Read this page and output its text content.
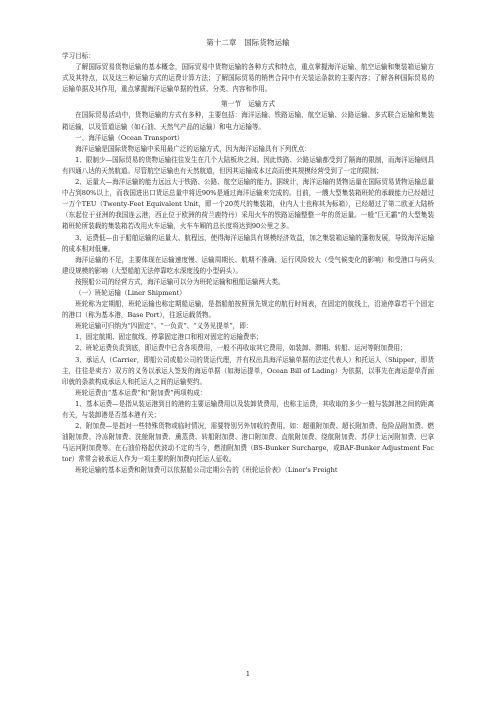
第十二章　国际货物运输

学习目标：

了解国际贸易货物运输的基本概念，国际贸易中货物运输的各种方式和特点，重点掌握海洋运输、航空运输和集装箱运输方式及其特点，以及这三种运输方式的运费计算方法；了解国际贸易的销售合同中有关装运条款的主要内容；了解各种国际贸易的运输单据及其作用，重点掌握海洋运输单据的性质、分类、内容和作用。

第一节　运输方式

在国际贸易活动中，货物运输的方式有多种，主要包括：海洋运输、铁路运输、航空运输、公路运输、多式联合运输和集装箱运输，以及管道运输（如石油、天然气产品的运输）和电力运输等。

一、海洋运输（Ocean Transport）

海洋运输是国际货物运输中采用最广泛的运输方式，因为海洋运输具有下列优点：

1、限制少—国际贸易的货物运输往往发生在几个大陆板块之间。因此铁路、公路运输都受到了隔海的限制，而海洋运输则具有四通八达的天然航道。尽管航空运输也有天然航道，但因其运输成本过高而使其规模经营受到了一定的限制；

2、运量大—海洋运输的能力远远大于铁路、公路、航空运输的能力。据统计，海洋运输的货物运量在国际贸易货物运输总量中占到80%以上，而我国进出口货运总量中将近90%是通过海洋运输来完成的。目前，一艘大型集装箱班轮的承载能力已经超过一万个TEU（Twenty-Feet Equivalent Unit，即一个20英尺的集装箱，业内人士也称其为标箱），已经超过了第二欧亚大陆桥（东起位于亚洲的我国连云港，西止位于欧洲的荷兰鹿特丹）采用火车的铁路运输整整一年的货运量。一般“巨无霸”的大型集装箱班轮所装载的集装箱若改用火车运输，火车车厢的总长度将达到90公里之多。

3、运费低—由于船舶运输的运量大、航程远，使得海洋运输具有规模经济效益，加之集装箱运输的蓬勃发展，导致海洋运输的成本相对低廉。

海洋运输的不足，主要体现在运输速度慢、运输周期长、航期不准确、运行风险较大（受气候变化的影响）和受港口与码头建设规模的影响（大型船舶无法停靠吃水深度浅的小型码头）。

按照船公司的经营方式，海洋运输可以分为班轮运输和租船运输两大类。

（一）班轮运输（Liner Shipment）

班轮称为定期船，班轮运输也称定期船运输，是指船舶按照预先规定的航行时间表，在固定的航线上，沿途停靠若干个固定的港口（称为基本港，Base Port），往返运载货物。

班轮运输可归纳为“四固定”、“一负责”、“义务见提单”，即：

1、固定航期、固定航线、停靠固定港口和相对固定的运输费率；

2、班轮运费负责到底，即运费中已含各项费用，一般不再收取其它费用，如装卸、滞期、转船、运河等附加费用；

3、承运人（Carrier，即船公司或船公司的货运代理，并有权出具海洋运输单据的法定代表人）和托运人（Shipper，即货主，往往是卖方）双方的义务以承运人签发的海运单据（如海运提单，Ocean Bill of Lading）为依据，以事先在海运提单背面印就的条款构成承运人和托运人之间的运输契约。

班轮运费由“基本运费”和“附加费”两项构成：

1、基本运费—是指从装运港到目的港的主要运输费用以及装卸货费用，也称主运费，其收取的多少一般与装卸港之间的距离有关，与装卸港是否基本港有关；

2、附加费—是指对一些特殊货物或临时情况，需要特别另外加收的费用。如：超重附加费、超长附加费、危险品附加费、燃油附加费、冷冻附加费、洗舱附加费、熏蒸费、转船附加费、港口附加费、直航附加费、绕航附加费、苏伊士运河附加费、巴拿马运河附加费等。在石油价格起伏波动不定的当今，燃油附加费（BS-Bunker Surcharge，或BAF-Bunker Adjustment Factor）常常会被承运人作为一项主要的附加费向托运人征收。

班轮运输的基本运费和附加费可以依据船公司定期公告的《班轮运价表》（Liner's Freight

1
